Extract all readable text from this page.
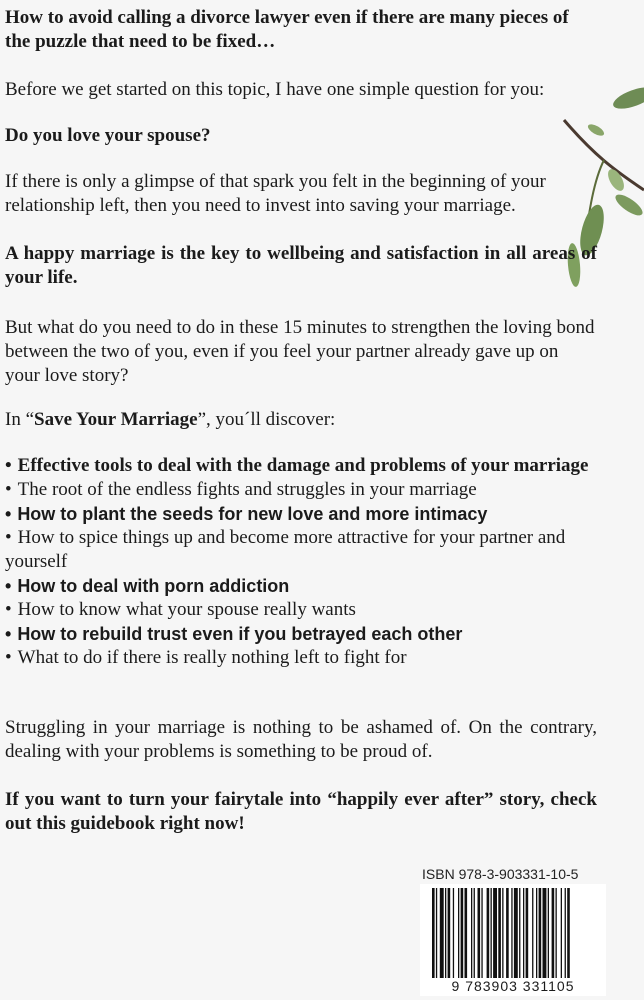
How to avoid calling a divorce lawyer even if there are many pieces of the puzzle that need to be fixed…

Before we get started on this topic, I have one simple question for you:

Do you love your spouse?

If there is only a glimpse of that spark you felt in the beginning of your relationship left, then you need to invest into saving your marriage.

A happy marriage is the key to wellbeing and satisfaction in all areas of your life.

But what do you need to do in these 15 minutes to strengthen the loving bond between the two of you, even if you feel your partner already gave up on your love story?

In “Save Your Marriage”, you´ll discover:

• Effective tools to deal with the damage and problems of your marriage

• The root of the endless fights and struggles in your marriage

• How to plant the seeds for new love and more intimacy

• How to spice things up and become more attractive for your partner and yourself

• How to deal with porn addiction

• How to know what your spouse really wants

• How to rebuild trust even if you betrayed each other

• What to do if there is really nothing left to fight for

Struggling in your marriage is nothing to be ashamed of. On the contrary, dealing with your problems is something to be proud of.

If you want to turn your fairytale into “happily ever after” story, check out this guidebook right now!

ISBN 978-3-903331-10-5
9 783903 331105
